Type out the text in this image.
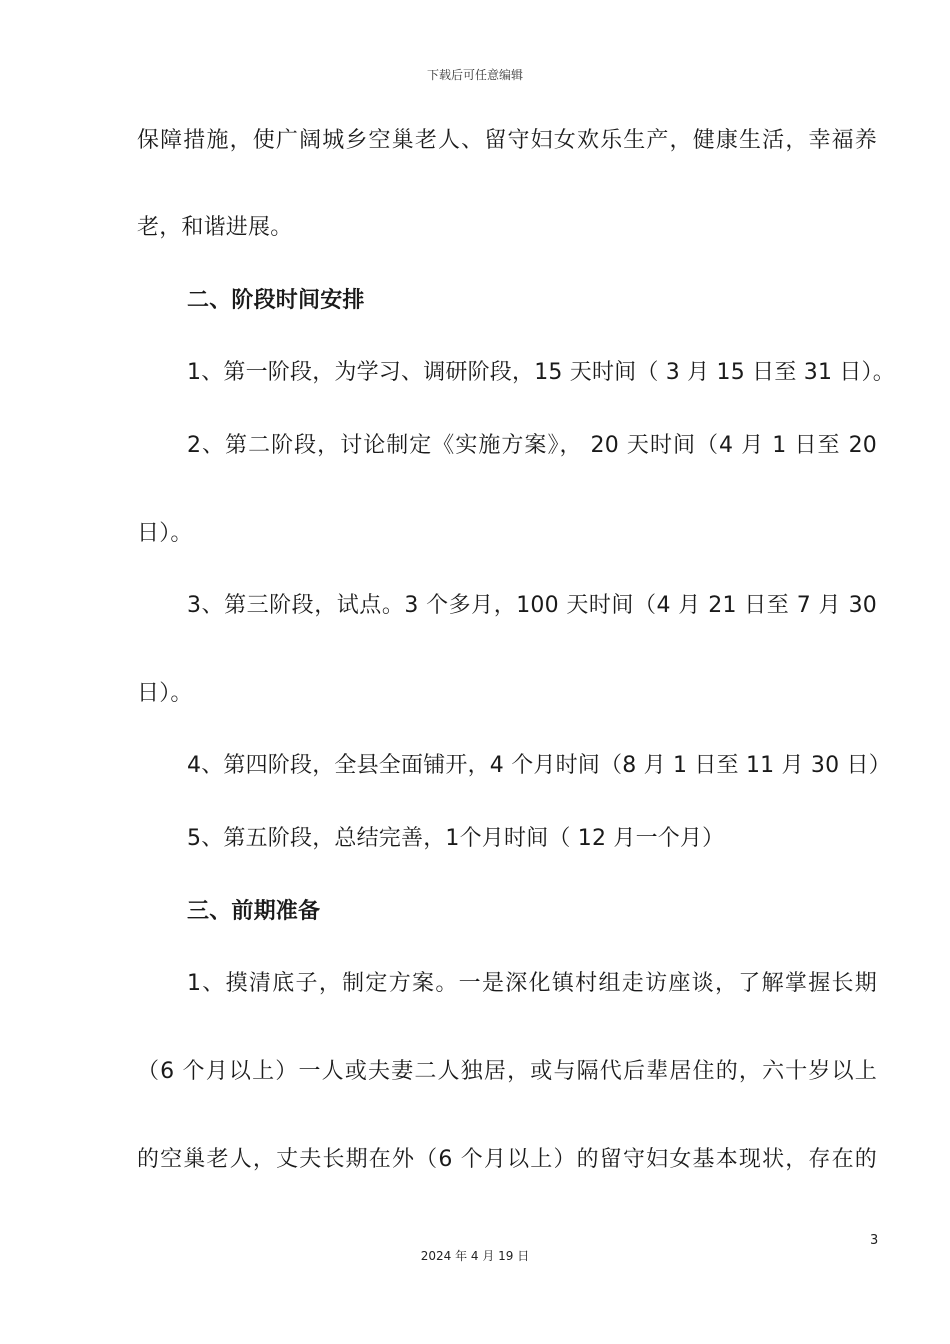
下载后可任意编辑
保障措施，使广阔城乡空巢老人、留守妇女欢乐生产，健康生活，幸福养
老，和谐进展。
二、阶段时间安排
1、第一阶段，为学习、调研阶段，15 天时间（ 3 月 15 日至 31 日）。
2、第二阶段，讨论制定《实施方案》， 20 天时间（4 月 1 日至 20
日）。
3、第三阶段，试点。3 个多月，100 天时间（4 月 21 日至 7 月 30
日）。
4、第四阶段，全县全面铺开，4 个月时间（8 月 1 日至 11 月 30 日）
5、第五阶段，总结完善，1个月时间（ 12 月一个月）
三、前期准备
1、摸清底子，制定方案。一是深化镇村组走访座谈，了解掌握长期
（6 个月以上）一人或夫妻二人独居，或与隔代后辈居住的，六十岁以上
的空巢老人，丈夫长期在外（6 个月以上）的留守妇女基本现状，存在的
3
2024 年 4 月 19 日
